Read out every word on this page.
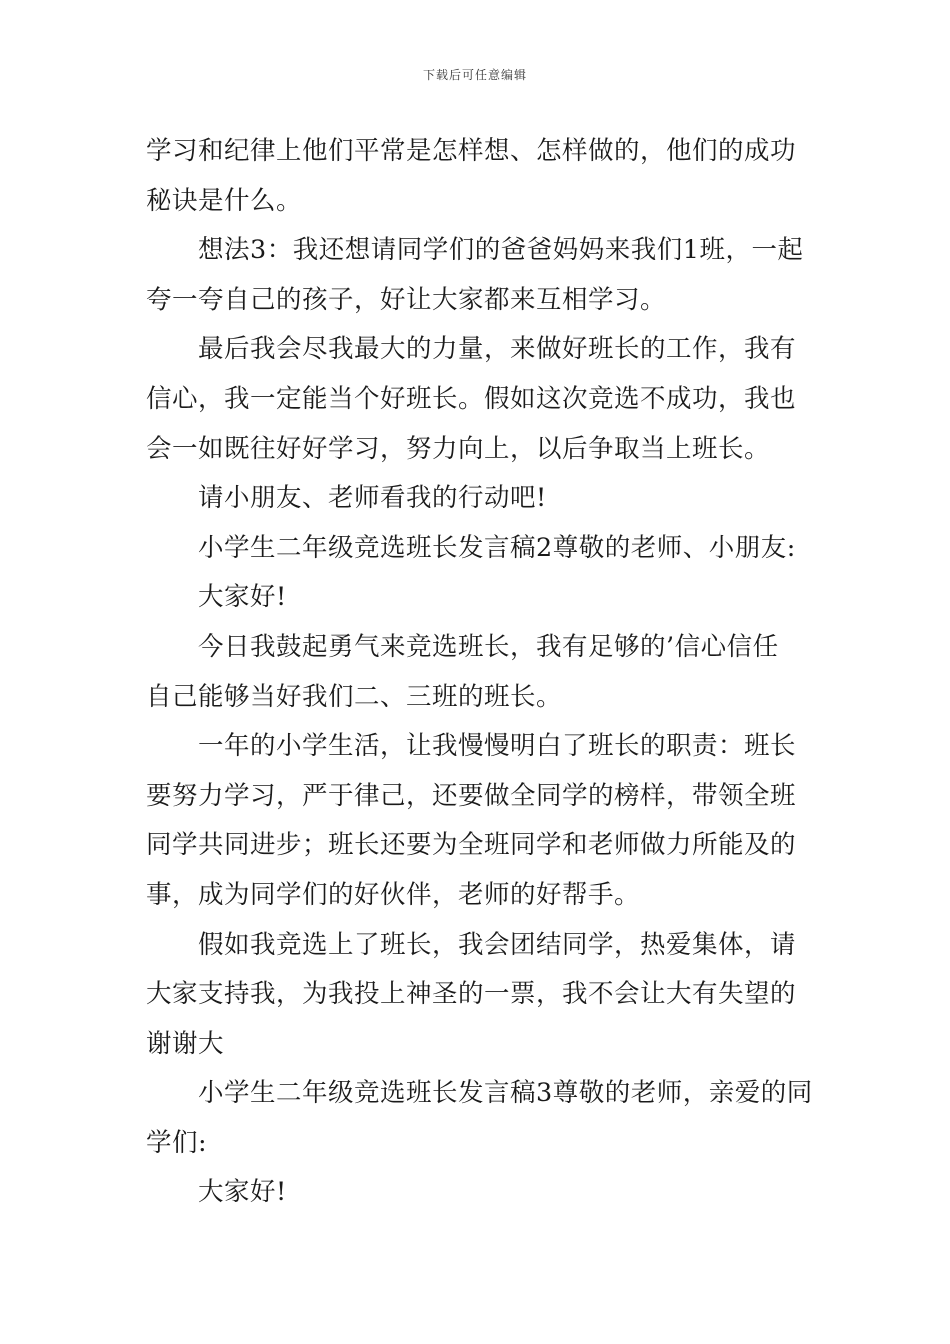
下载后可任意编辑
学习和纪律上他们平常是怎样想、怎样做的，他们的成功
秘诀是什么。
想法3：我还想请同学们的爸爸妈妈来我们1班，一起
夸一夸自己的孩子，好让大家都来互相学习。
最后我会尽我最大的力量，来做好班长的工作，我有
信心，我一定能当个好班长。假如这次竞选不成功，我也
会一如既往好好学习，努力向上，以后争取当上班长。
请小朋友、老师看我的行动吧!
小学生二年级竞选班长发言稿2尊敬的老师、小朋友:
大家好!
今日我鼓起勇气来竞选班长，我有足够的’信心信任
自己能够当好我们二、三班的班长。
一年的小学生活，让我慢慢明白了班长的职责：班长
要努力学习，严于律己，还要做全同学的榜样，带领全班
同学共同进步；班长还要为全班同学和老师做力所能及的
事，成为同学们的好伙伴，老师的好帮手。
假如我竞选上了班长，我会团结同学，热爱集体，请
大家支持我，为我投上神圣的一票，我不会让大有失望的
谢谢大
小学生二年级竞选班长发言稿3尊敬的老师，亲爱的同
学们:
大家好!
